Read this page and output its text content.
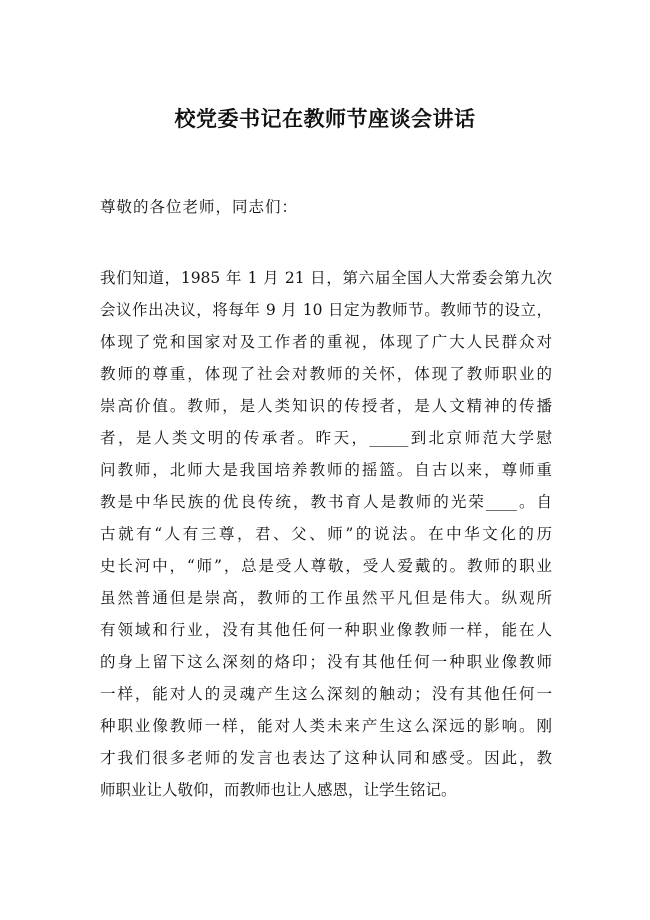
校党委书记在教师节座谈会讲话

尊敬的各位老师，同志们：

我们知道，1985 年 1 月 21 日，第六届全国人大常委会第九次
会议作出决议，将每年 9 月 10 日定为教师节。教师节的设立，
体现了党和国家对及工作者的重视，体现了广大人民群众对
教师的尊重，体现了社会对教师的关怀，体现了教师职业的
崇高价值。教师，是人类知识的传授者，是人文精神的传播
者，是人类文明的传承者。昨天，_____到北京师范大学慰
问教师，北师大是我国培养教师的摇篮。自古以来，尊师重
教是中华民族的优良传统，教书育人是教师的光荣____。自
古就有“人有三尊，君、父、师”的说法。在中华文化的历
史长河中，“师”，总是受人尊敬，受人爱戴的。教师的职业
虽然普通但是崇高，教师的工作虽然平凡但是伟大。纵观所
有领域和行业，没有其他任何一种职业像教师一样，能在人
的身上留下这么深刻的烙印；没有其他任何一种职业像教师
一样，能对人的灵魂产生这么深刻的触动；没有其他任何一
种职业像教师一样，能对人类未来产生这么深远的影响。刚
才我们很多老师的发言也表达了这种认同和感受。因此，教
师职业让人敬仰，而教师也让人感恩，让学生铭记。
